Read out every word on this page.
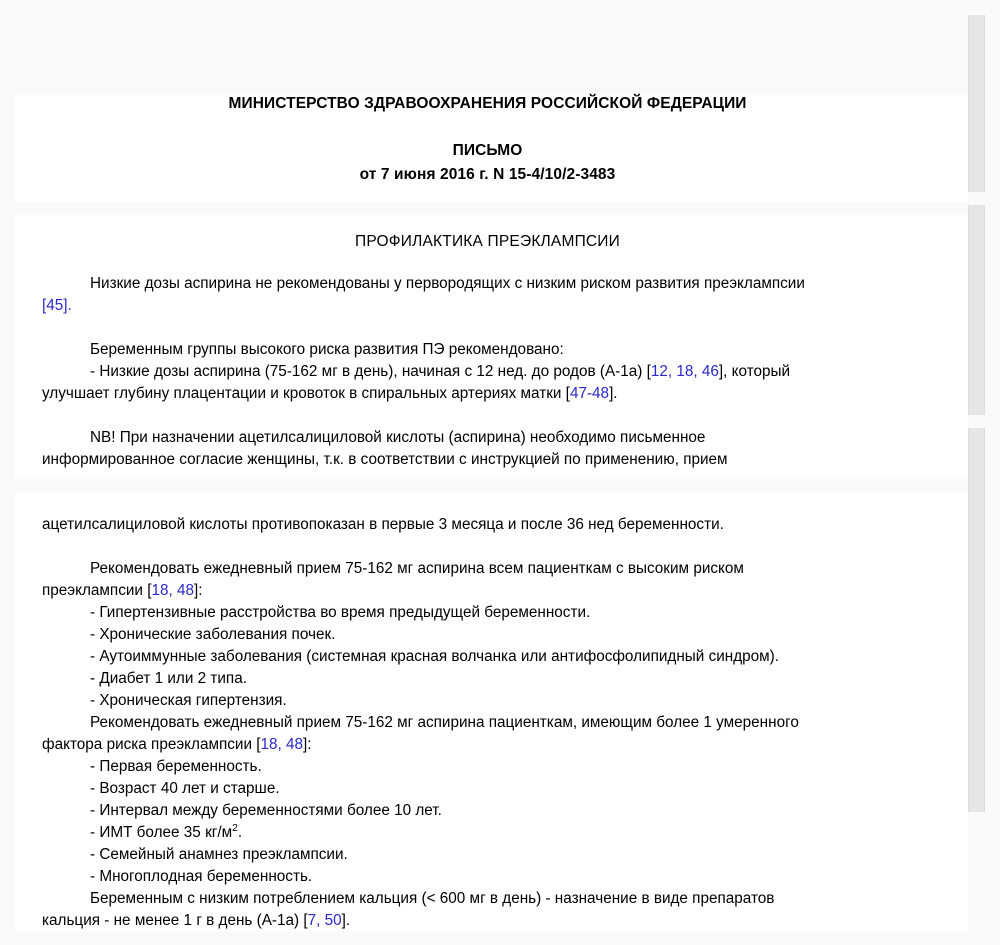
МИНИСТЕРСТВО ЗДРАВООХРАНЕНИЯ РОССИЙСКОЙ ФЕДЕРАЦИИ
ПИСЬМО
от 7 июня 2016 г. N 15-4/10/2-3483
ПРОФИЛАКТИКА ПРЕЭКЛАМПСИИ

Низкие дозы аспирина не рекомендованы у первородящих с низким риском развития преэклампсии

[45].

Беременным группы высокого риска развития ПЭ рекомендовано:

- Низкие дозы аспирина (75-162 мг в день), начиная с 12 нед. до родов (А-1а) [12, 18, 46], который

улучшает глубину плацентации и кровоток в спиральных артериях матки [47-48].

NB! При назначении ацетилсалициловой кислоты (аспирина) необходимо письменное

информированное согласие женщины, т.к. в соответствии с инструкцией по применению, прием

ацетилсалициловой кислоты противопоказан в первые 3 месяца и после 36 нед беременности.

Рекомендовать ежедневный прием 75-162 мг аспирина всем пациенткам с высоким риском

преэклампсии [18, 48]:

- Гипертензивные расстройства во время предыдущей беременности.
- Хронические заболевания почек.
- Аутоиммунные заболевания (системная красная волчанка или антифосфолипидный синдром).
- Диабет 1 или 2 типа.
- Хроническая гипертензия.

Рекомендовать ежедневный прием 75-162 мг аспирина пациенткам, имеющим более 1 умеренного

фактора риска преэклампсии [18, 48]:

- Первая беременность.
- Возраст 40 лет и старше.
- Интервал между беременностями более 10 лет.
- ИМТ более 35 $кг/м^2$.
- Семейный анамнез преэклампсии.
- Многоплодная беременность.

Беременным с низким потреблением кальция (< 600 мг в день) - назначение в виде препаратов

кальция - не менее 1 г в день (А-1а) [7, 50].
